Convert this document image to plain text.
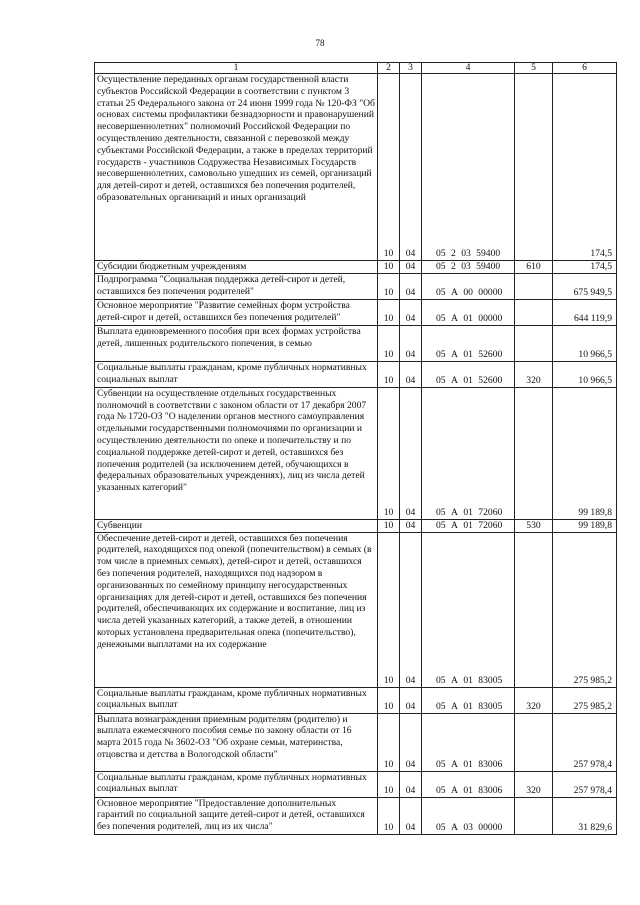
78
1	2	3	4	5	6
Осуществление переданных органам государственной власти субъектов Российской Федерации в соответствии с пунктом 3 статьи 25 Федерального закона от 24 июня 1999 года № 120-ФЗ "Об основах системы профилактики безнадзорности и правонарушений несовершеннолетних" полномочий Российской Федерации по осуществлению деятельности, связанной с перевозкой между субъектами Российской Федерации, а также в пределах территорий государств - участников Содружества Независимых Государств несовершеннолетних, самовольно ушедших из семей, организаций для детей-сирот и детей, оставшихся без попечения родителей, образовательных организаций и иных организаций	10	04	05 2 03 59400		174,5
Субсидии бюджетным учреждениям	10	04	05 2 03 59400	610	174,5
Подпрограмма "Социальная поддержка детей-сирот и детей, оставшихся без попечения родителей"	10	04	05 А 00 00000		675 949,5
Основное мероприятие "Развитие семейных форм устройства детей-сирот и детей, оставшихся без попечения родителей"	10	04	05 А 01 00000		644 119,9
Выплата единовременного пособия при всех формах устройства детей, лишенных родительского попечения, в семью	10	04	05 А 01 52600		10 966,5
Социальные выплаты гражданам, кроме публичных нормативных социальных выплат	10	04	05 А 01 52600	320	10 966,5
Субвенции на осуществление отдельных государственных полномочий в соответствии с законом области от 17 декабря 2007 года № 1720-ОЗ "О наделении органов местного самоуправления отдельными государственными полномочиями по организации и осуществлению деятельности по опеке и попечительству и по социальной поддержке детей-сирот и детей, оставшихся без попечения родителей (за исключением детей, обучающихся в федеральных образовательных учреждениях), лиц из числа детей указанных категорий"	10	04	05 А 01 72060		99 189,8
Субвенции	10	04	05 А 01 72060	530	99 189,8
Обеспечение детей-сирот и детей, оставшихся без попечения родителей, находящихся под опекой (попечительством) в семьях (в том числе в приемных семьях), детей-сирот и детей, оставшихся без попечения родителей, находящихся под надзором в организованных по семейному принципу негосударственных организациях для детей-сирот и детей, оставшихся без попечения родителей, обеспечивающих их содержание и воспитание, лиц из числа детей указанных категорий, а также детей, в отношении которых установлена предварительная опека (попечительство), денежными выплатами на их содержание	10	04	05 А 01 83005		275 985,2
Социальные выплаты гражданам, кроме публичных нормативных социальных выплат	10	04	05 А 01 83005	320	275 985,2
Выплата вознаграждения приемным родителям (родителю) и выплата ежемесячного пособия семье по закону области от 16 марта 2015 года № 3602-ОЗ "Об охране семьи, материнства, отцовства и детства в Вологодской области"	10	04	05 А 01 83006		257 978,4
Социальные выплаты гражданам, кроме публичных нормативных социальных выплат	10	04	05 А 01 83006	320	257 978,4
Основное мероприятие "Предоставление дополнительных гарантий по социальной защите детей-сирот и детей, оставшихся без попечения родителей, лиц из их числа"	10	04	05 А 03 00000		31 829,6
